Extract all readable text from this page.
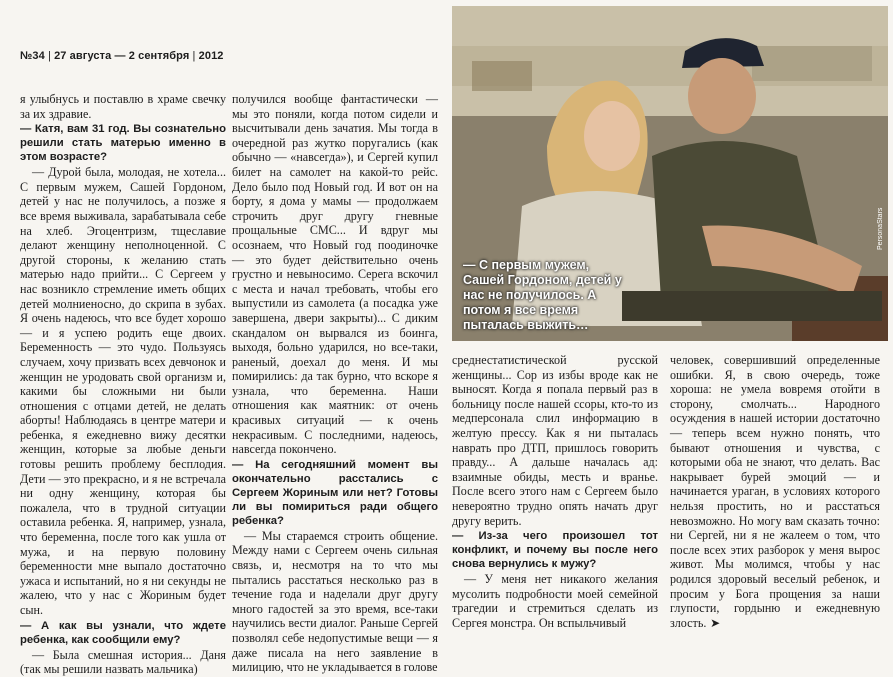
№34 | 27 августа — 2 сентября | 2012

я улыбнусь и поставлю в храме свечку за их здравие.

— Катя, вам 31 год. Вы сознательно решили стать матерью именно в этом возрасте?

— Дурой была, молодая, не хотела... С первым мужем, Сашей Гордоном, детей у нас не получилось, а позже я все время выживала, зарабатывала себе на хлеб. Эгоцентризм, тщеславие делают женщину неполноценной. С другой стороны, к желанию стать матерью надо прийти... С Сергеем у нас возникло стремление иметь общих детей молниеносно, до скрипа в зубах. Я очень надеюсь, что все будет хорошо — и я успею родить еще двоих. Беременность — это чудо. Пользуясь случаем, хочу призвать всех девчонок и женщин не уродовать свой организм и, какими бы сложными ни были отношения с отцами детей, не делать аборты! Наблюдаясь в центре матери и ребенка, я ежедневно вижу десятки женщин, которые за любые деньги готовы решить проблему бесплодия. Дети — это прекрасно, и я не встречала ни одну женщину, которая бы пожалела, что в трудной ситуации оставила ребенка. Я, например, узнала, что беременна, после того как ушла от мужа, и на первую половину беременности мне выпало достаточно ужаса и испытаний, но я ни секунды не жалею, что у нас с Жориным будет сын.

— А как вы узнали, что ждете ребенка, как сообщили ему?

— Была смешная история... Даня (так мы решили назвать мальчика)

получился вообще фантастически — мы это поняли, когда потом сидели и высчитывали день зачатия. Мы тогда в очередной раз жутко поругались (как обычно — «навсегда»), и Сергей купил билет на самолет на какой-то рейс. Дело было под Новый год. И вот он на борту, я дома у мамы — продолжаем строчить друг другу гневные прощальные СМС... И вдруг мы осознаем, что Новый год поодиночке — это будет действительно очень грустно и невыносимо. Серега вскочил с места и начал требовать, чтобы его выпустили из самолета (а посадка уже завершена, двери закрыты)... С диким скандалом он вырвался из боинга, выходя, больно ударился, но все-таки, раненый, доехал до меня. И мы помирились: да так бурно, что вскоре я узнала, что беременна. Наши отношения как маятник: от очень красивых ситуаций — к очень некрасивым. С последними, надеюсь, навсегда покончено.

— На сегодняшний момент вы окончательно расстались с Сергеем Жориным или нет? Готовы ли вы помириться ради общего ребенка?

— Мы стараемся строить общение. Между нами с Сергеем очень сильная связь, и, несмотря на то что мы пытались расстаться несколько раз в течение года и наделали друг другу много гадостей за это время, все-таки научились вести диалог. Раньше Сергей позволял себе недопустимые вещи — я даже писала на него заявление в милицию, что не укладывается в голове

— С первым мужем, Сашей Гордоном, детей у нас не получилось. А потом я все время пыталась выжить…
PersonaStars

среднестатистической русской женщины... Сор из избы вроде как не выносят. Когда я попала первый раз в больницу после нашей ссоры, кто-то из медперсонала слил информацию в желтую прессу. Как я ни пыталась наврать про ДТП, пришлось говорить правду... А дальше началась ад: взаимные обиды, месть и вранье. После всего этого нам с Сергеем было невероятно трудно опять начать друг другу верить.

— Из-за чего произошел тот конфликт, и почему вы после него снова вернулись к мужу?

— У меня нет никакого желания мусолить подробности моей семейной трагедии и стремиться сделать из Сергея монстра. Он вспыльчивый

человек, совершивший определенные ошибки. Я, в свою очередь, тоже хороша: не умела вовремя отойти в сторону, смолчать... Народного осуждения в нашей истории достаточно — теперь всем нужно понять, что бывают отношения и чувства, с которыми оба не знают, что делать. Вас накрывает бурей эмоций — и начинается ураган, в условиях которого нельзя простить, но и расстаться невозможно. Но могу вам сказать точно: ни Сергей, ни я не жалеем о том, что после всех этих разборок у меня вырос живот. Мы молимся, чтобы у нас родился здоровый веселый ребенок, и просим у Бога прощения за наши глупости, гордыню и ежедневную злость. ➤
